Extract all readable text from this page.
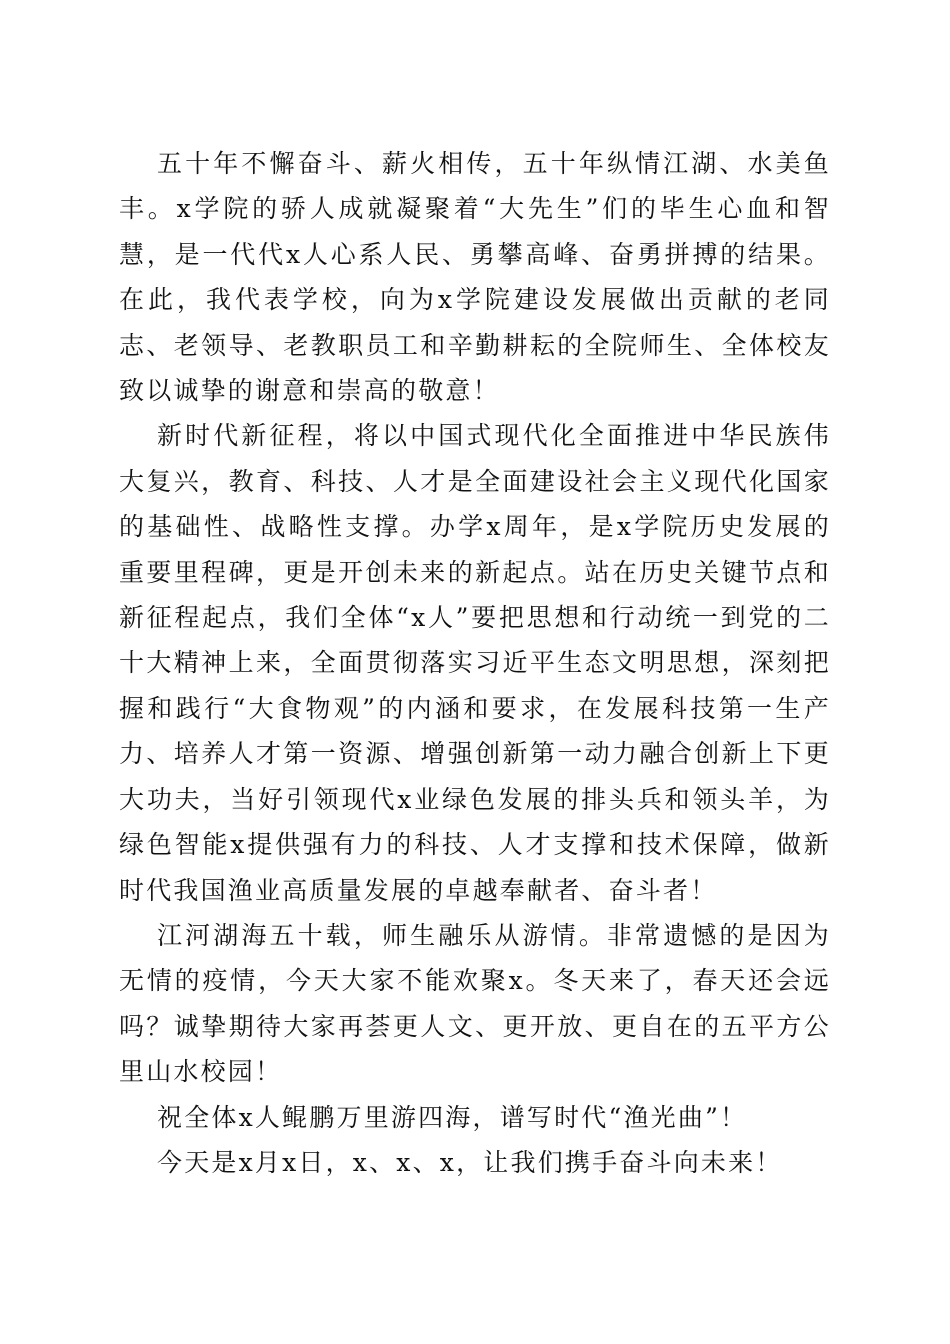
五十年不懈奋斗、薪火相传，五十年纵情江湖、水美鱼丰。x学院的骄人成就凝聚着“大先生”们的毕生心血和智慧，是一代代x人心系人民、勇攀高峰、奋勇拼搏的结果。在此，我代表学校，向为x学院建设发展做出贡献的老同志、老领导、老教职员工和辛勤耕耘的全院师生、全体校友致以诚挚的谢意和崇高的敬意！

新时代新征程，将以中国式现代化全面推进中华民族伟大复兴，教育、科技、人才是全面建设社会主义现代化国家的基础性、战略性支撑。办学x周年，是x学院历史发展的重要里程碑，更是开创未来的新起点。站在历史关键节点和新征程起点，我们全体“x人”要把思想和行动统一到党的二十大精神上来，全面贯彻落实习近平生态文明思想，深刻把握和践行“大食物观”的内涵和要求，在发展科技第一生产力、培养人才第一资源、增强创新第一动力融合创新上下更大功夫，当好引领现代x业绿色发展的排头兵和领头羊，为绿色智能x提供强有力的科技、人才支撑和技术保障，做新时代我国渔业高质量发展的卓越奉献者、奋斗者！

江河湖海五十载，师生融乐从游情。非常遗憾的是因为无情的疫情，今天大家不能欢聚x。冬天来了，春天还会远吗？诚挚期待大家再荟更人文、更开放、更自在的五平方公里山水校园！

祝全体x人鲲鹏万里游四海，谱写时代“渔光曲”！

今天是x月x日，x、x、x，让我们携手奋斗向未来！
